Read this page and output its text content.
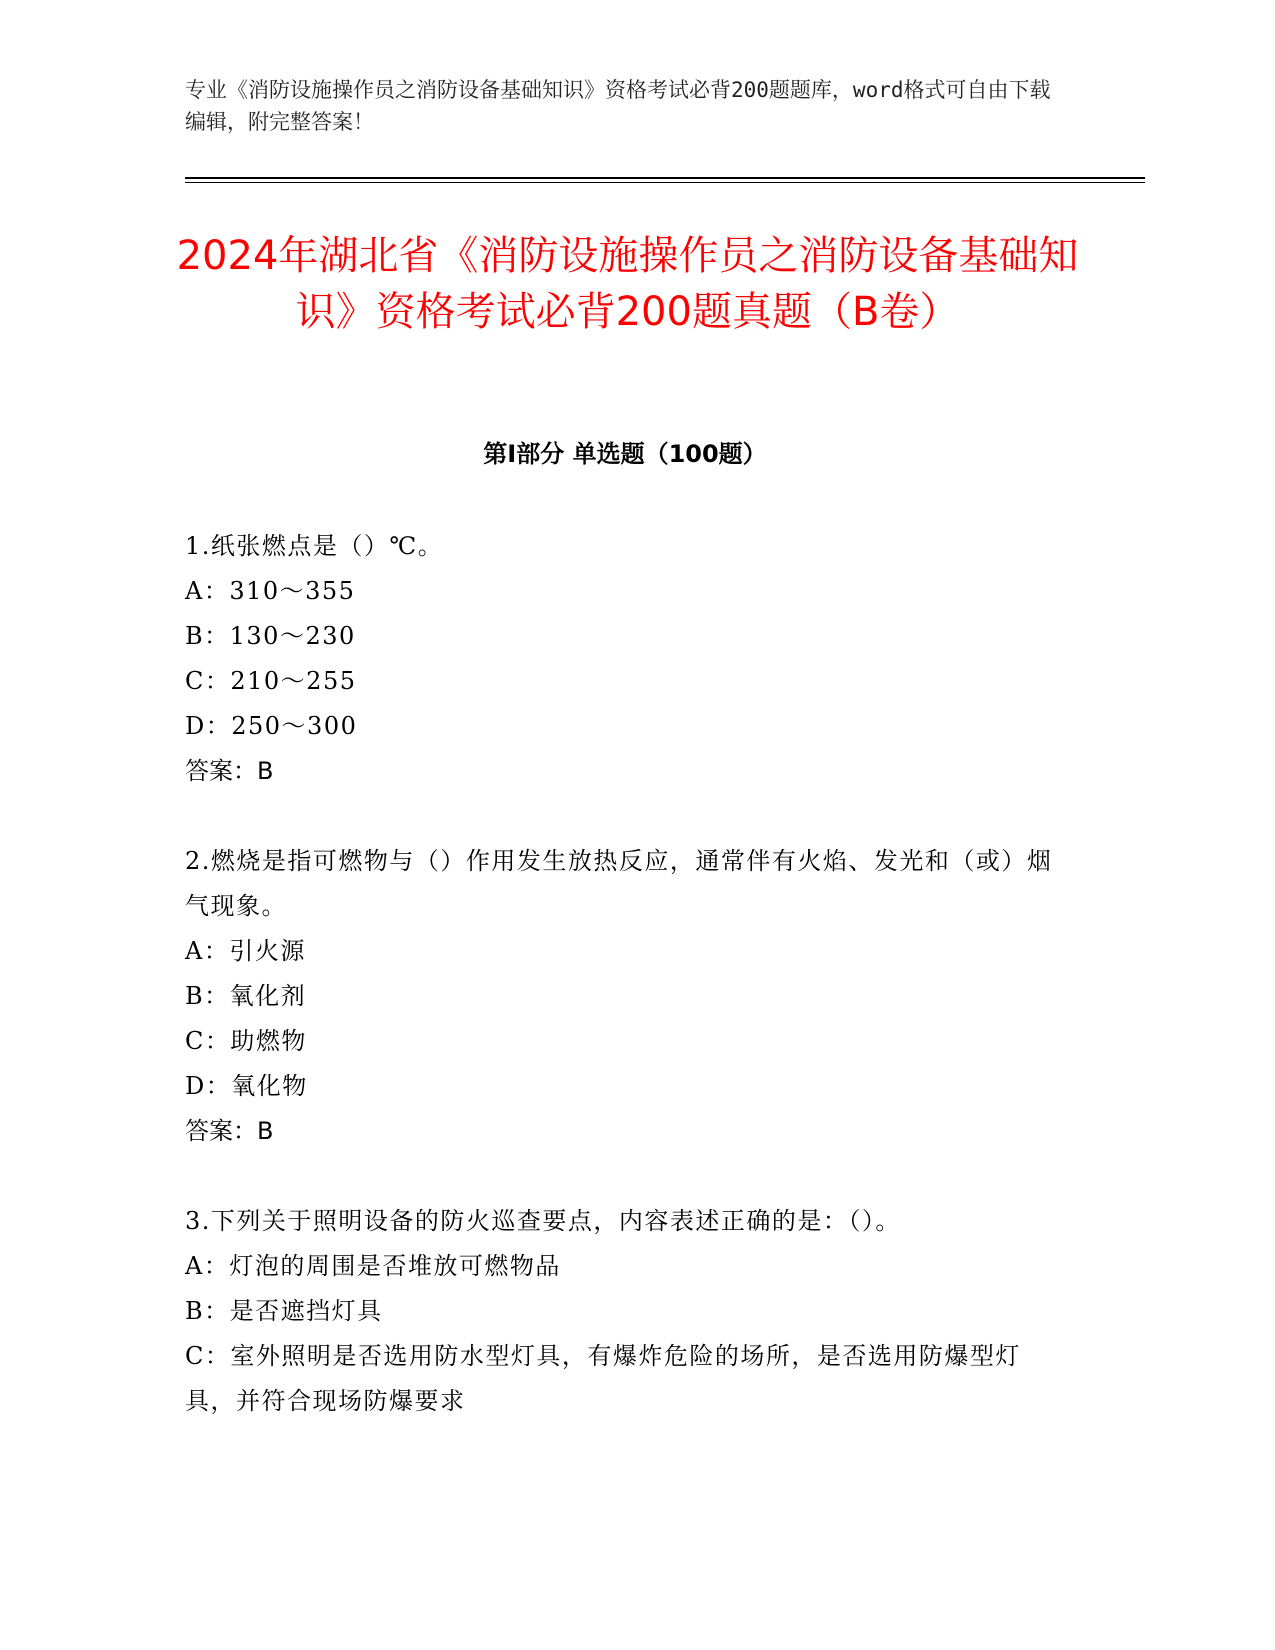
专业《消防设施操作员之消防设备基础知识》资格考试必背200题题库，word格式可自由下载编辑，附完整答案！
2024年湖北省《消防设施操作员之消防设备基础知识》资格考试必背200题真题（B卷）
第I部分 单选题（100题）
1.纸张燃点是（）℃。
A：310～355
B：130～230
C：210～255
D：250～300
答案：B
2.燃烧是指可燃物与（）作用发生放热反应，通常伴有火焰、发光和（或）烟气现象。
A：引火源
B：氧化剂
C：助燃物
D：氧化物
答案：B
3.下列关于照明设备的防火巡查要点，内容表述正确的是：（）。
A：灯泡的周围是否堆放可燃物品
B：是否遮挡灯具
C：室外照明是否选用防水型灯具，有爆炸危险的场所，是否选用防爆型灯具，并符合现场防爆要求
